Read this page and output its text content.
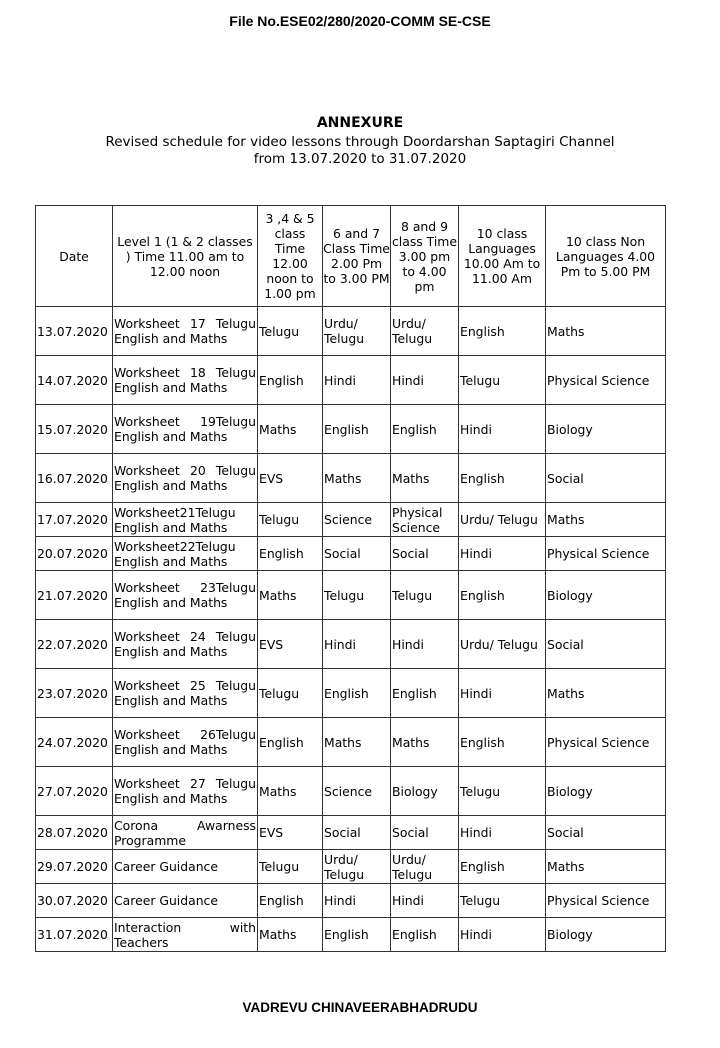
File No.ESE02/280/2020-COMM SE-CSE
ANNEXURE
Revised schedule for video lessons through Doordarshan Saptagiri Channel
from 13.07.2020 to 31.07.2020
Date	Level 1 (1 & 2 classes ) Time 11.00 am to 12.00 noon	3 ,4 & 5 class Time 12.00 noon to 1.00 pm	6 and 7 Class Time 2.00 Pm to 3.00 PM	8 and 9 class Time 3.00 pm to 4.00 pm	10 class Languages 10.00 Am to 11.00 Am	10 class Non Languages 4.00 Pm to 5.00 PM
13.07.2020	Worksheet 17 Telugu English and Maths	Telugu	Urdu/ Telugu	Urdu/ Telugu	English	Maths
14.07.2020	Worksheet 18 Telugu English and Maths	English	Hindi	Hindi	Telugu	Physical Science
15.07.2020	Worksheet 19Telugu English and Maths	Maths	English	English	Hindi	Biology
16.07.2020	Worksheet 20 Telugu English and Maths	EVS	Maths	Maths	English	Social
17.07.2020	Worksheet21Telugu English and Maths	Telugu	Science	Physical Science	Urdu/ Telugu	Maths
20.07.2020	Worksheet22Telugu English and Maths	English	Social	Social	Hindi	Physical Science
21.07.2020	Worksheet 23Telugu English and Maths	Maths	Telugu	Telugu	English	Biology
22.07.2020	Worksheet 24 Telugu English and Maths	EVS	Hindi	Hindi	Urdu/ Telugu	Social
23.07.2020	Worksheet 25 Telugu English and Maths	Telugu	English	English	Hindi	Maths
24.07.2020	Worksheet 26Telugu English and Maths	English	Maths	Maths	English	Physical Science
27.07.2020	Worksheet 27 Telugu English and Maths	Maths	Science	Biology	Telugu	Biology
28.07.2020	Corona Awarness Programme	EVS	Social	Social	Hindi	Social
29.07.2020	Career Guidance	Telugu	Urdu/ Telugu	Urdu/ Telugu	English	Maths
30.07.2020	Career Guidance	English	Hindi	Hindi	Telugu	Physical Science
31.07.2020	Interaction with Teachers	Maths	English	English	Hindi	Biology
VADREVU CHINAVEERABHADRUDU
